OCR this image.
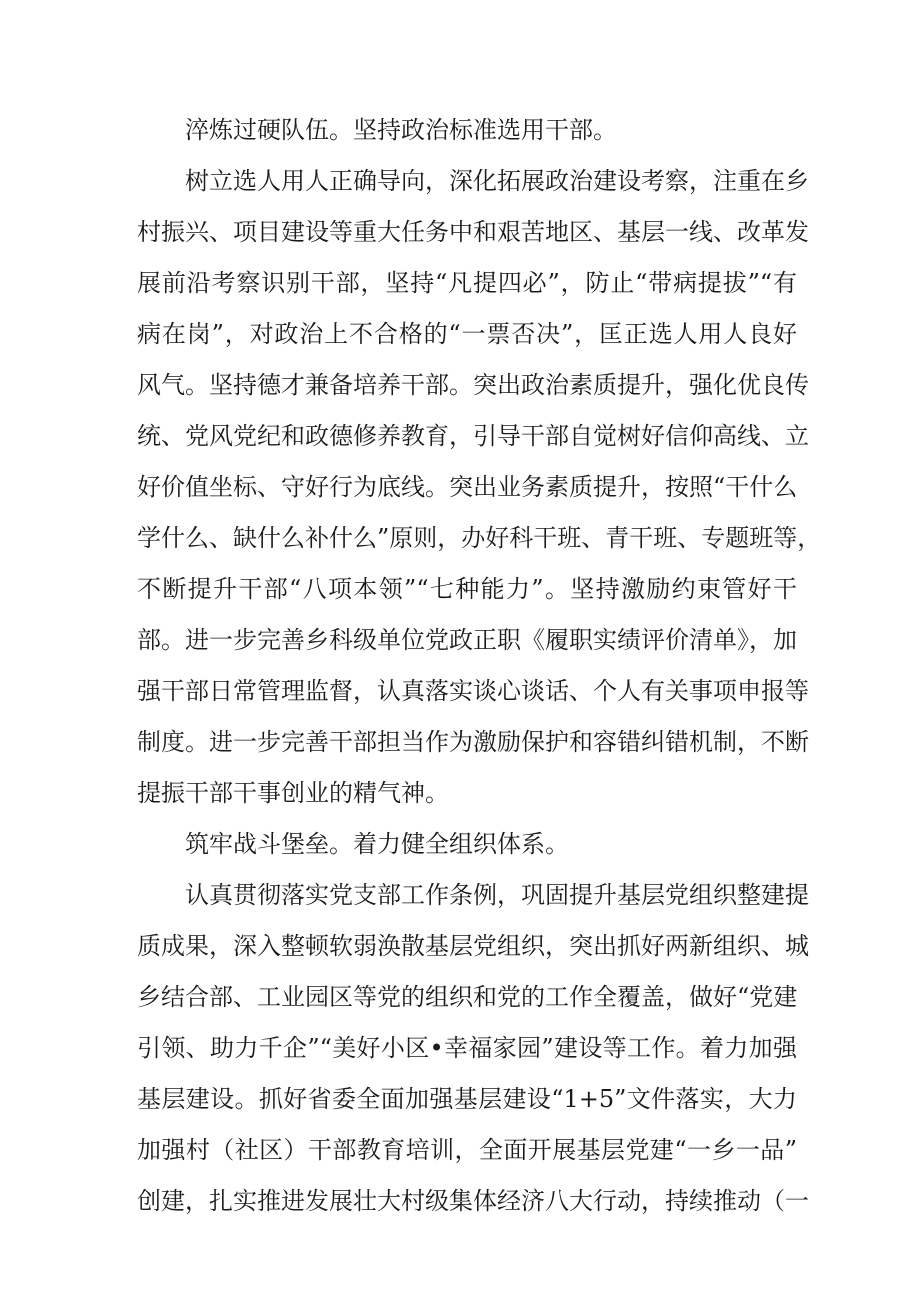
淬炼过硬队伍。坚持政治标准选用干部。
树立选人用人正确导向，深化拓展政治建设考察，注重在乡
村振兴、项目建设等重大任务中和艰苦地区、基层一线、改革发
展前沿考察识别干部，坚持“凡提四必”，防止“带病提拔”“有
病在岗”，对政治上不合格的“一票否决”，匡正选人用人良好
风气。坚持德才兼备培养干部。突出政治素质提升，强化优良传
统、党风党纪和政德修养教育，引导干部自觉树好信仰高线、立
好价值坐标、守好行为底线。突出业务素质提升，按照“干什么
学什么、缺什么补什么”原则，办好科干班、青干班、专题班等，
不断提升干部“八项本领”“七种能力”。坚持激励约束管好干
部。进一步完善乡科级单位党政正职《履职实绩评价清单》，加
强干部日常管理监督，认真落实谈心谈话、个人有关事项申报等
制度。进一步完善干部担当作为激励保护和容错纠错机制，不断
提振干部干事创业的精气神。
筑牢战斗堡垒。着力健全组织体系。
认真贯彻落实党支部工作条例，巩固提升基层党组织整建提
质成果，深入整顿软弱涣散基层党组织，突出抓好两新组织、城
乡结合部、工业园区等党的组织和党的工作全覆盖，做好“党建
引领、助力千企”“美好小区•幸福家园”建设等工作。着力加强
基层建设。抓好省委全面加强基层建设“1+5”文件落实，大力
加强村（社区）干部教育培训，全面开展基层党建“一乡一品”
创建，扎实推进发展壮大村级集体经济八大行动，持续推动（一
